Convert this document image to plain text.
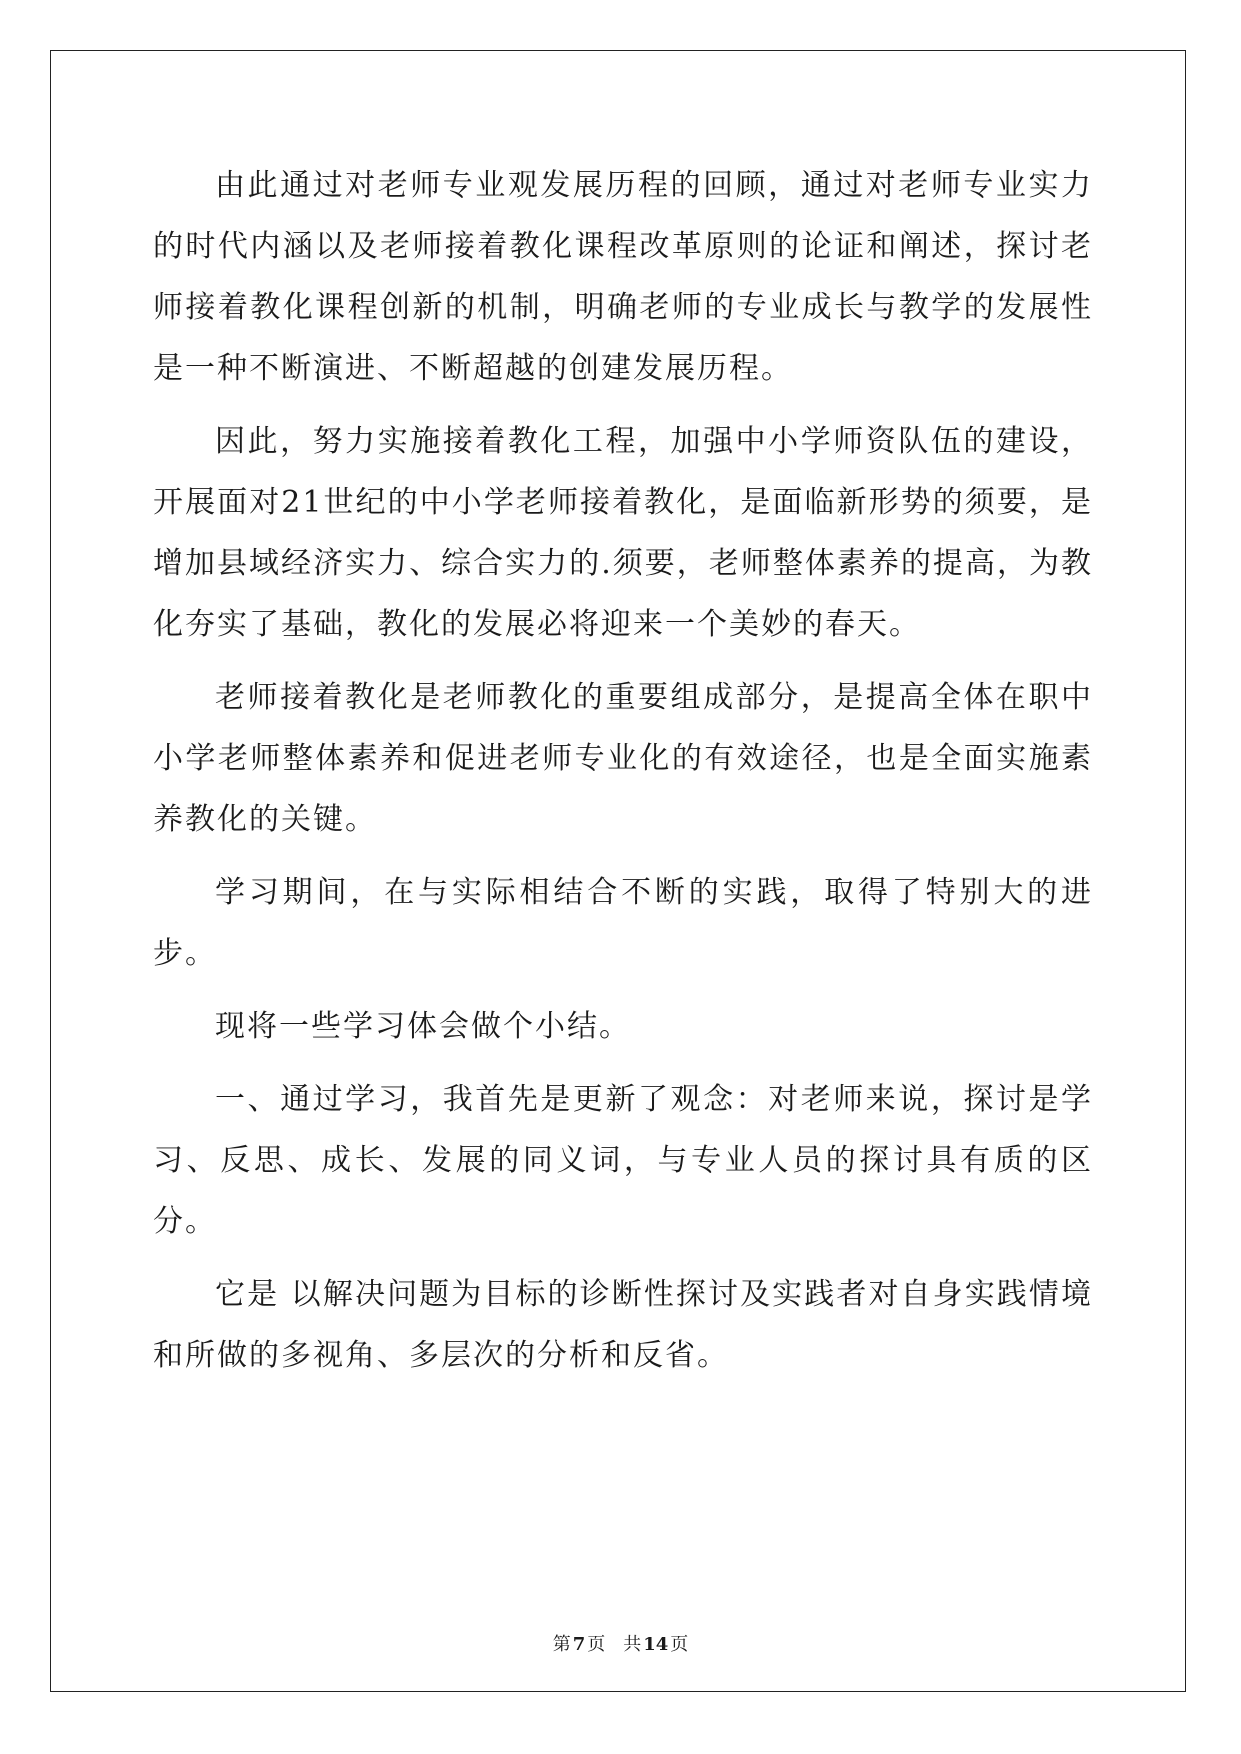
由此通过对老师专业观发展历程的回顾，通过对老师专业实力的时代内涵以及老师接着教化课程改革原则的论证和阐述，探讨老师接着教化课程创新的机制，明确老师的专业成长与教学的发展性是一种不断演进、不断超越的创建发展历程。

因此，努力实施接着教化工程，加强中小学师资队伍的建设，开展面对21世纪的中小学老师接着教化，是面临新形势的须要，是增加县域经济实力、综合实力的.须要，老师整体素养的提高，为教化夯实了基础，教化的发展必将迎来一个美妙的春天。

老师接着教化是老师教化的重要组成部分，是提高全体在职中小学老师整体素养和促进老师专业化的有效途径，也是全面实施素养教化的关键。

学习期间，在与实际相结合不断的实践，取得了特别大的进步。

现将一些学习体会做个小结。

一、通过学习，我首先是更新了观念：对老师来说，探讨是学习、反思、成长、发展的同义词，与专业人员的探讨具有质的区分。

它是 以解决问题为目标的诊断性探讨及实践者对自身实践情境和所做的多视角、多层次的分析和反省。

第 7 页 共 14 页
